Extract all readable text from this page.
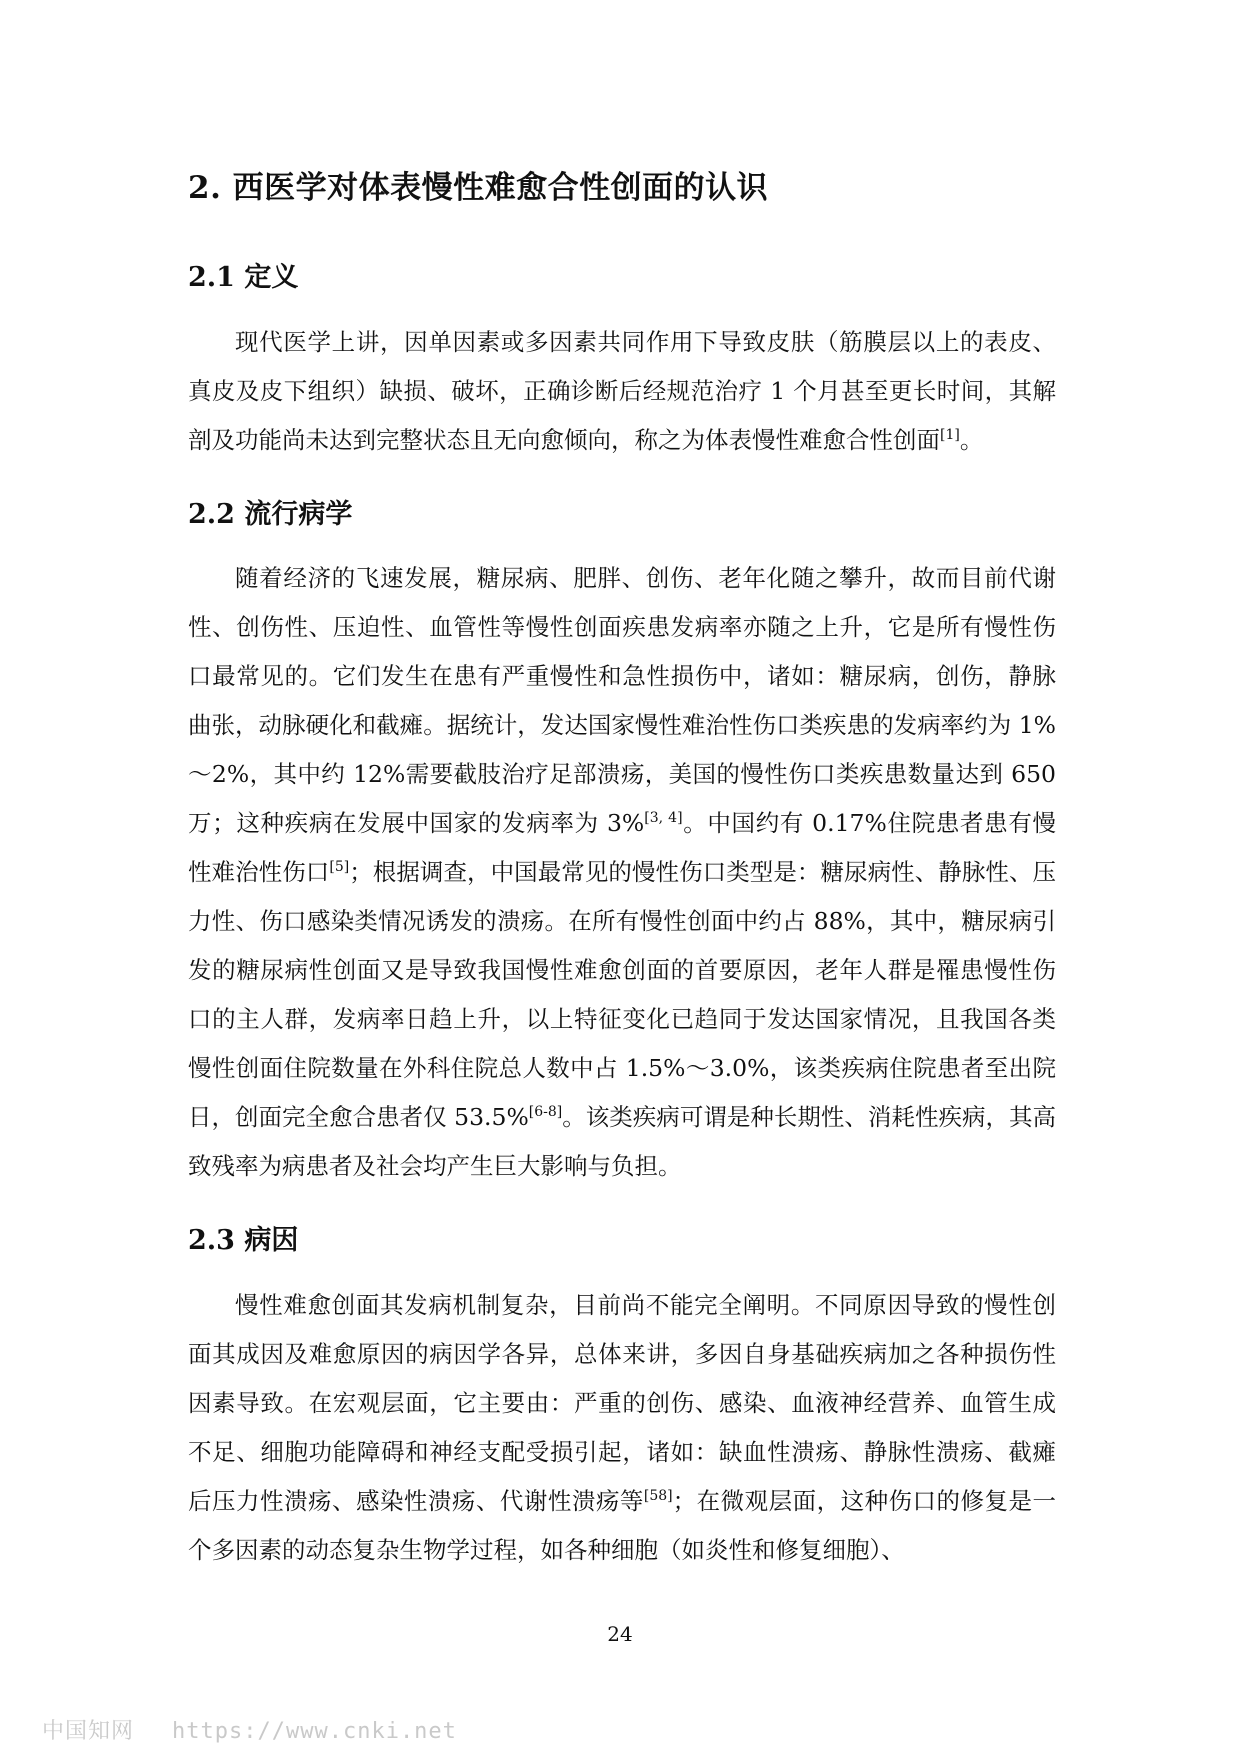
2. 西医学对体表慢性难愈合性创面的认识
2.1 定义

现代医学上讲，因单因素或多因素共同作用下导致皮肤（筋膜层以上的表皮、真皮及皮下组织）缺损、破坏，正确诊断后经规范治疗 1 个月甚至更长时间，其解剖及功能尚未达到完整状态且无向愈倾向，称之为体表慢性难愈合性创面[1]。

2.2 流行病学

随着经济的飞速发展，糖尿病、肥胖、创伤、老年化随之攀升，故而目前代谢性、创伤性、压迫性、血管性等慢性创面疾患发病率亦随之上升，它是所有慢性伤口最常见的。它们发生在患有严重慢性和急性损伤中，诸如：糖尿病，创伤，静脉曲张，动脉硬化和截瘫。据统计，发达国家慢性难治性伤口类疾患的发病率约为 1%～2%，其中约 12%需要截肢治疗足部溃疡，美国的慢性伤口类疾患数量达到 650 万；这种疾病在发展中国家的发病率为 3%[3, 4]。中国约有 0.17%住院患者患有慢性难治性伤口[5]；根据调查，中国最常见的慢性伤口类型是：糖尿病性、静脉性、压力性、伤口感染类情况诱发的溃疡。在所有慢性创面中约占 88%，其中，糖尿病引发的糖尿病性创面又是导致我国慢性难愈创面的首要原因，老年人群是罹患慢性伤口的主人群，发病率日趋上升，以上特征变化已趋同于发达国家情况，且我国各类慢性创面住院数量在外科住院总人数中占 1.5%～3.0%，该类疾病住院患者至出院日，创面完全愈合患者仅 53.5%[6-8]。该类疾病可谓是种长期性、消耗性疾病，其高致残率为病患者及社会均产生巨大影响与负担。

2.3 病因

慢性难愈创面其发病机制复杂，目前尚不能完全阐明。不同原因导致的慢性创面其成因及难愈原因的病因学各异，总体来讲，多因自身基础疾病加之各种损伤性因素导致。在宏观层面，它主要由：严重的创伤、感染、血液神经营养、血管生成不足、细胞功能障碍和神经支配受损引起，诸如：缺血性溃疡、静脉性溃疡、截瘫后压力性溃疡、感染性溃疡、代谢性溃疡等[58]；在微观层面，这种伤口的修复是一个多因素的动态复杂生物学过程，如各种细胞（如炎性和修复细胞）、

24
中国知网 https://www.cnki.net
